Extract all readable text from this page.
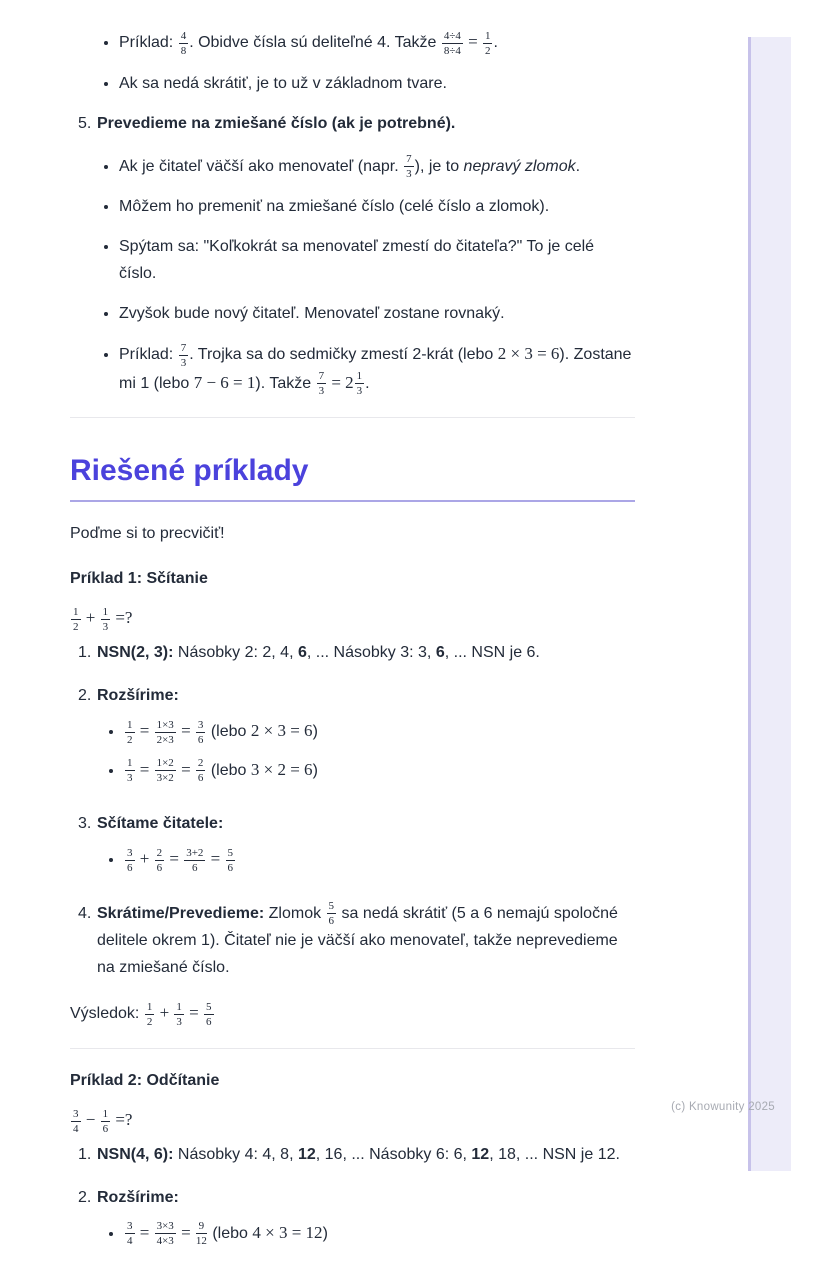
• Príklad: $\frac{4}{8}$ . Obidve čísla sú deliteľné 4. Takže $\frac{4\div 4}{8\div 4} = \frac{1}{2}$ .
• Ak sa nedá skrátiť, je to už v základnom tvare.
5. Prevedieme na zmiešané číslo (ak je potrebné).
• Ak je čitateľ väčší ako menovateľ (napr. $\frac{7}{3}$ ), je to nepravý zlomok.
• Môžem ho premeniť na zmiešané číslo (celé číslo a zlomok).
• Spýtam sa: "Koľkokrát sa menovateľ zmestí do čitateľa?" To je celé číslo.
• Zvyšok bude nový čitateľ. Menovateľ zostane rovnaký.
• Príklad: $\frac{7}{3}$ . Trojka sa do sedmičky zmestí 2-krát (lebo 2 × 3 = 6). Zostane mi 1 (lebo 7 − 6 = 1). Takže $\frac{7}{3} = 2 \frac{1}{3}$ .
Riešené príklady

Poďme si to precvičiť!

Príklad 1: Sčítanie

$\frac{1}{2} + \frac{1}{3}$ =?
1. NSN(2, 3): Násobky 2: 2, 4, 6, ... Násobky 3: 3, 6, ... NSN je 6.
2. Rozšírime:
• $\frac{1}{2} = \frac{1\times 3}{2\times 3} = \frac{3}{6}$ (lebo 2 × 3 = 6)
• $\frac{1}{3} = \frac{1\times 2}{3\times 2} = \frac{2}{6}$ (lebo 3 × 2 = 6)
3. Sčítame čitatele:
• $\frac{3}{6} + \frac{2}{6} = \frac{3+2}{6} = \frac{5}{6}$
4. Skrátime/Prevedieme: Zlomok $\frac{5}{6}$ sa nedá skrátiť (5 a 6 nemajú spoločné delitele okrem 1). Čitateľ nie je väčší ako menovateľ, takže neprevedieme na zmiešané číslo.

Výsledok: $\frac{1}{2} + \frac{1}{3} = \frac{5}{6}$

Príklad 2: Odčítanie

$\frac{3}{4} - \frac{1}{6}$ =?
1. NSN(4, 6): Násobky 4: 4, 8, 12, 16, ... Násobky 6: 6, 12, 18, ... NSN je 12.
2. Rozšírime:
• $\frac{3}{4} = \frac{3\times 3}{4\times 3} = \frac{9}{12}$ (lebo 4 × 3 = 12)
(c) Knowunity 2025
